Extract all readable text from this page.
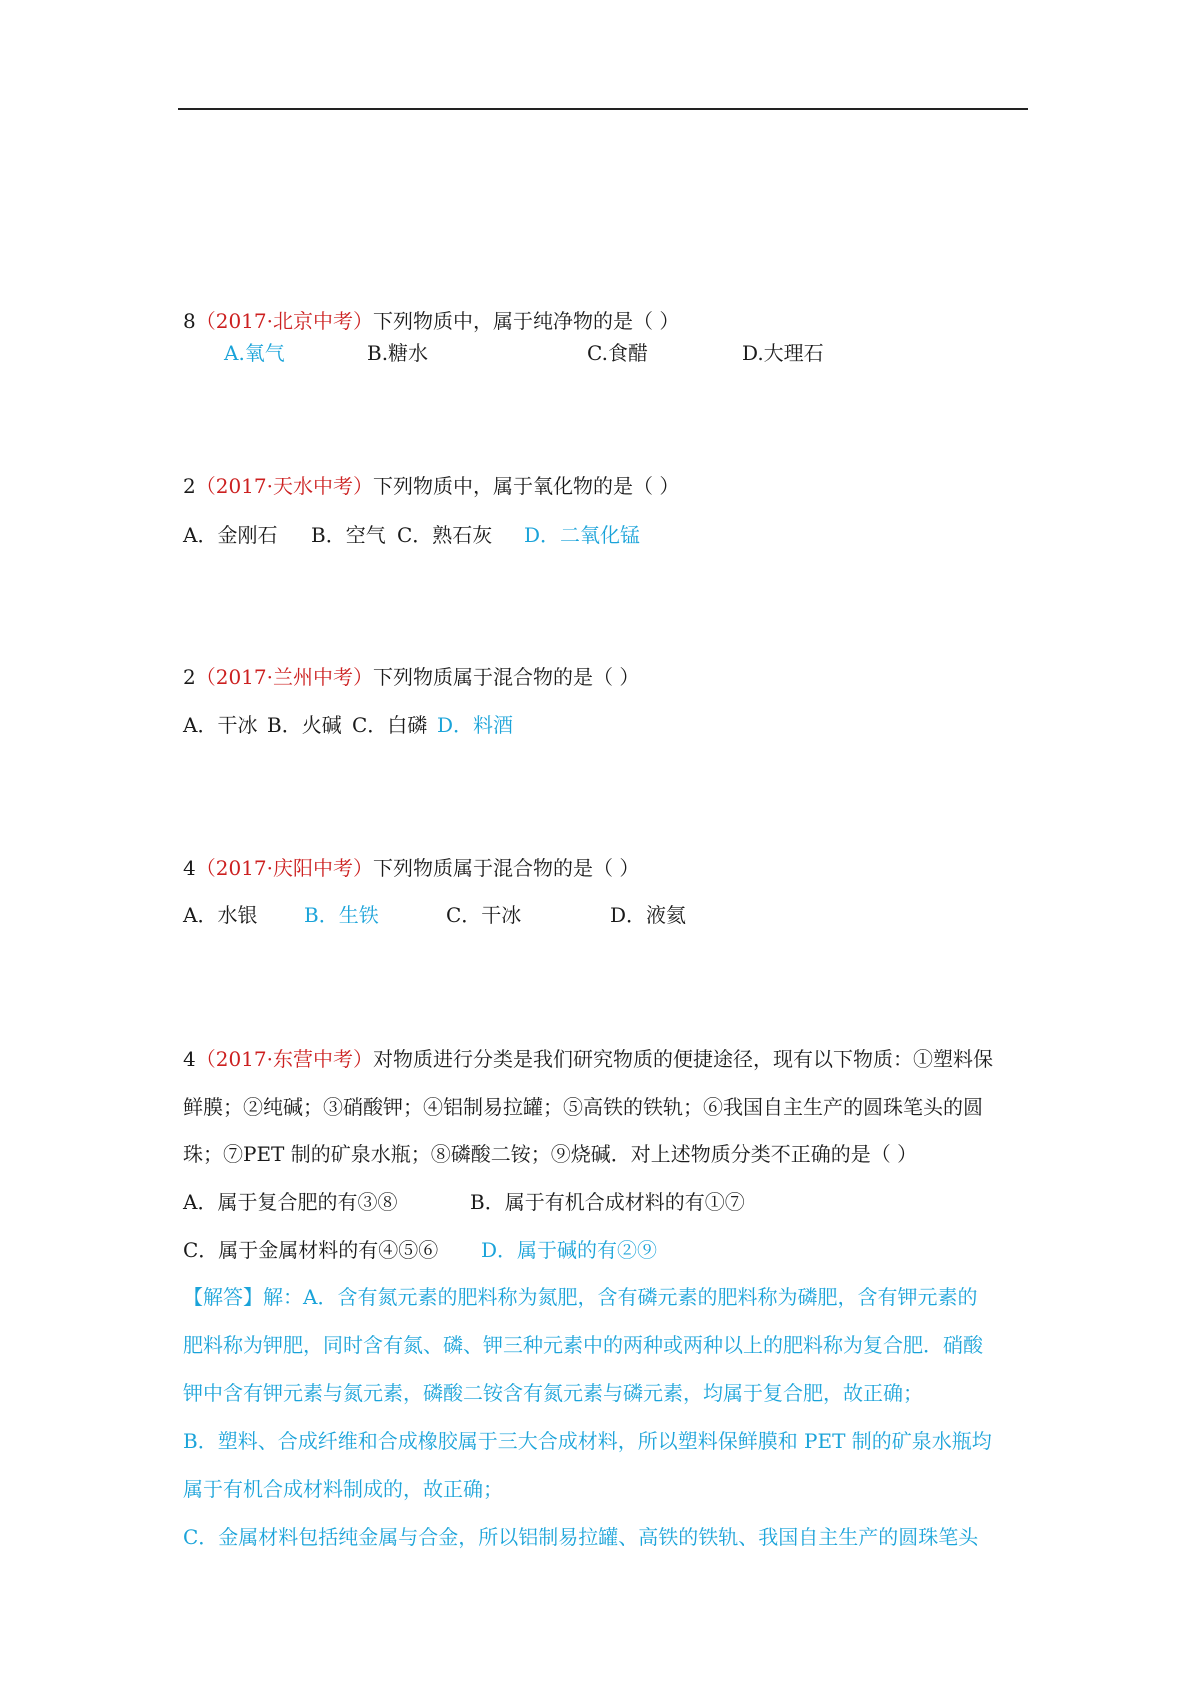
8（2017·北京中考）下列物质中，属于纯净物的是（ ）
A.氧气	B.糖水	C.食醋	D.大理石
2（2017·天水中考）下列物质中，属于氧化物的是（ ）
A．金刚石 B．空气 C．熟石灰 D．二氧化锰
2（2017·兰州中考）下列物质属于混合物的是（ ）
A．干冰 B．火碱 C．白磷 D．料酒
4（2017·庆阳中考）下列物质属于混合物的是（ ）
A．水银 B．生铁	C．干冰	D．液氦
4（2017·东营中考）对物质进行分类是我们研究物质的便捷途径，现有以下物质：①塑料保
鲜膜；②纯碱；③硝酸钾；④铝制易拉罐；⑤高铁的铁轨；⑥我国自主生产的圆珠笔头的圆
珠；⑦PET 制的矿泉水瓶；⑧磷酸二铵；⑨烧碱．对上述物质分类不正确的是（ ）
A．属于复合肥的有③⑧	B．属于有机合成材料的有①⑦
C．属于金属材料的有④⑤⑥ D．属于碱的有②⑨
【解答】解：A．含有氮元素的肥料称为氮肥，含有磷元素的肥料称为磷肥，含有钾元素的
肥料称为钾肥，同时含有氮、磷、钾三种元素中的两种或两种以上的肥料称为复合肥．硝酸
钾中含有钾元素与氮元素，磷酸二铵含有氮元素与磷元素，均属于复合肥，故正确；
B．塑料、合成纤维和合成橡胶属于三大合成材料，所以塑料保鲜膜和 PET 制的矿泉水瓶均
属于有机合成材料制成的，故正确；
C．金属材料包括纯金属与合金，所以铝制易拉罐、高铁的铁轨、我国自主生产的圆珠笔头
